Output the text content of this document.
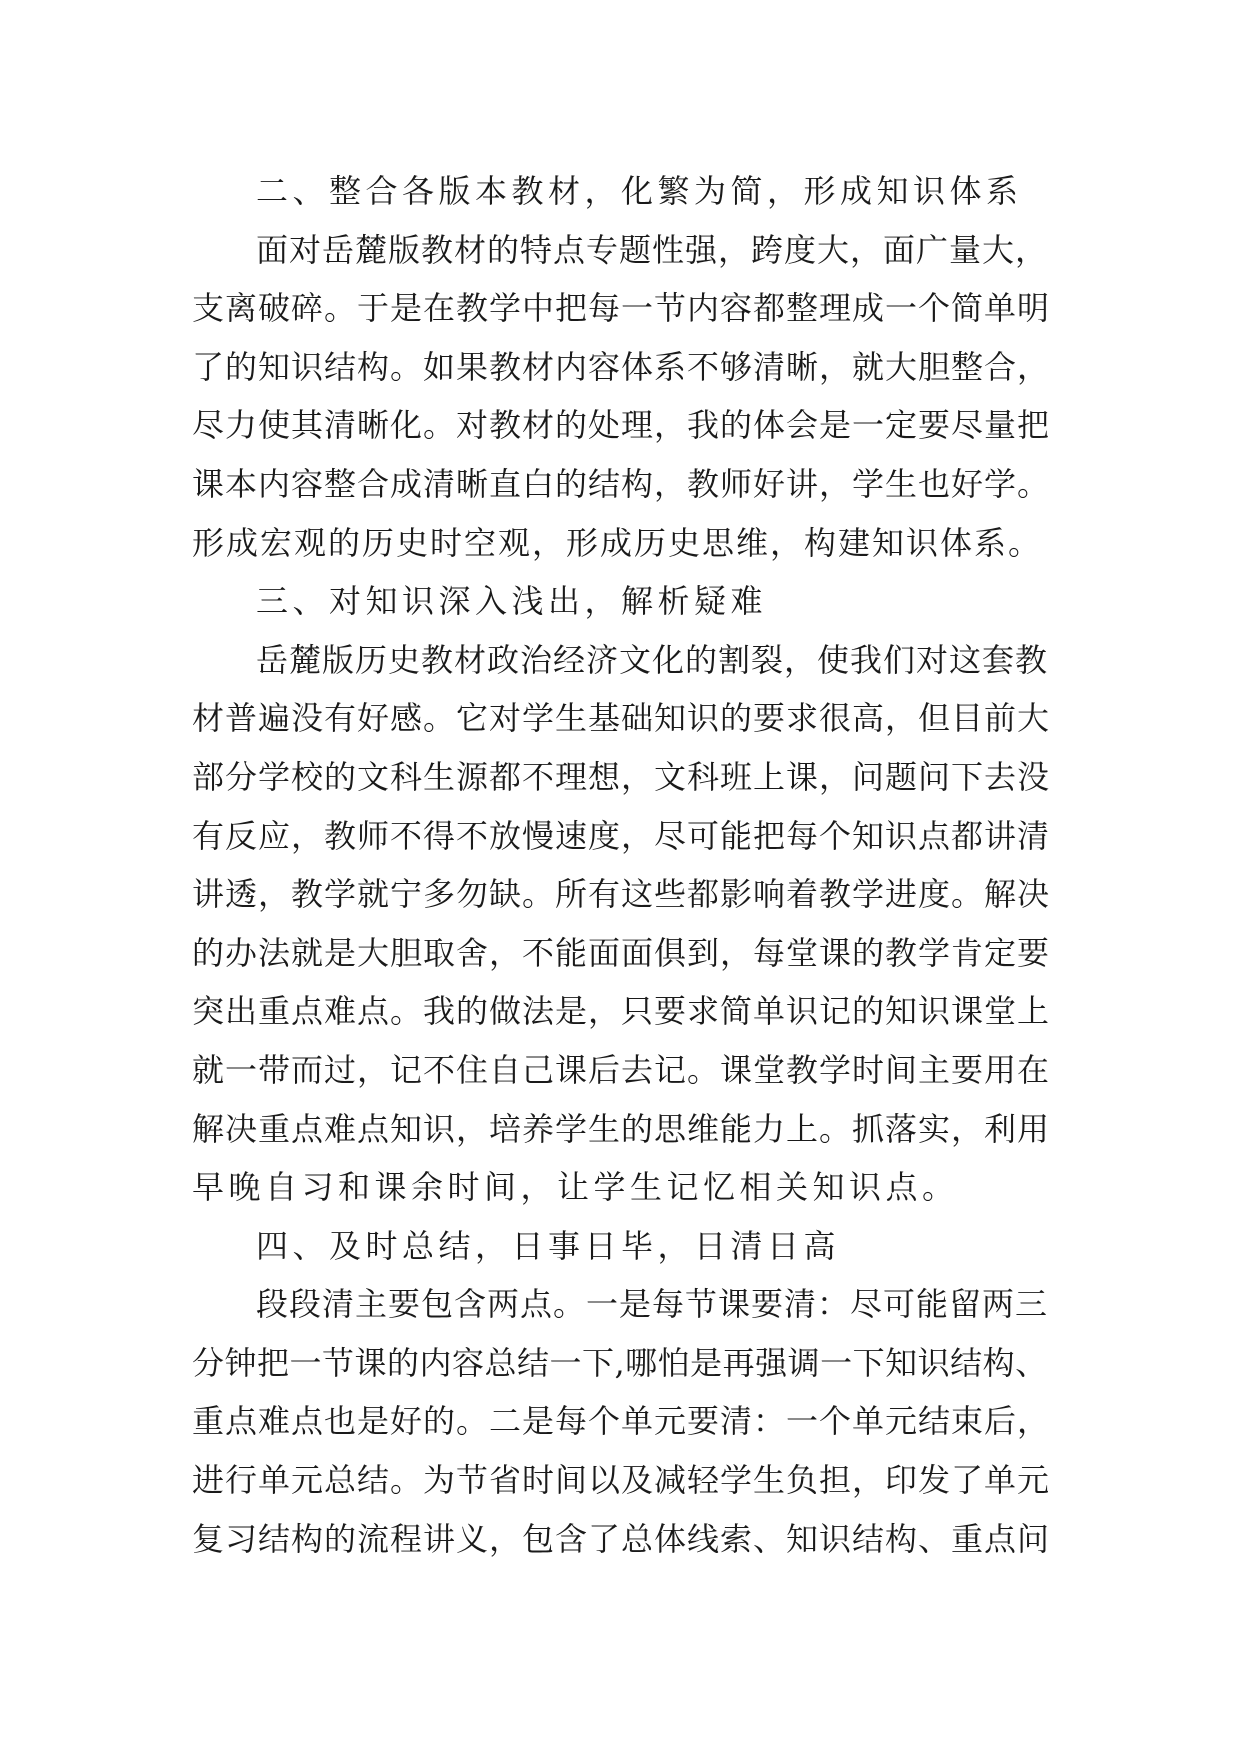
二、整合各版本教材，化繁为简，形成知识体系
面对岳麓版教材的特点专题性强，跨度大，面广量大，
支离破碎。于是在教学中把每一节内容都整理成一个简单明
了的知识结构。如果教材内容体系不够清晰，就大胆整合，
尽力使其清晰化。对教材的处理，我的体会是一定要尽量把
课本内容整合成清晰直白的结构，教师好讲，学生也好学。
形成宏观的历史时空观，形成历史思维，构建知识体系。
三、对知识深入浅出，解析疑难
岳麓版历史教材政治经济文化的割裂，使我们对这套教
材普遍没有好感。它对学生基础知识的要求很高，但目前大
部分学校的文科生源都不理想，文科班上课，问题问下去没
有反应，教师不得不放慢速度，尽可能把每个知识点都讲清
讲透，教学就宁多勿缺。所有这些都影响着教学进度。解决
的办法就是大胆取舍，不能面面俱到，每堂课的教学肯定要
突出重点难点。我的做法是，只要求简单识记的知识课堂上
就一带而过，记不住自己课后去记。课堂教学时间主要用在
解决重点难点知识，培养学生的思维能力上。抓落实，利用
早晚自习和课余时间，让学生记忆相关知识点。
四、及时总结，日事日毕，日清日高
段段清主要包含两点。一是每节课要清：尽可能留两三
分钟把一节课的内容总结一下,哪怕是再强调一下知识结构、
重点难点也是好的。二是每个单元要清：一个单元结束后，
进行单元总结。为节省时间以及减轻学生负担，印发了单元
复习结构的流程讲义，包含了总体线索、知识结构、重点问
